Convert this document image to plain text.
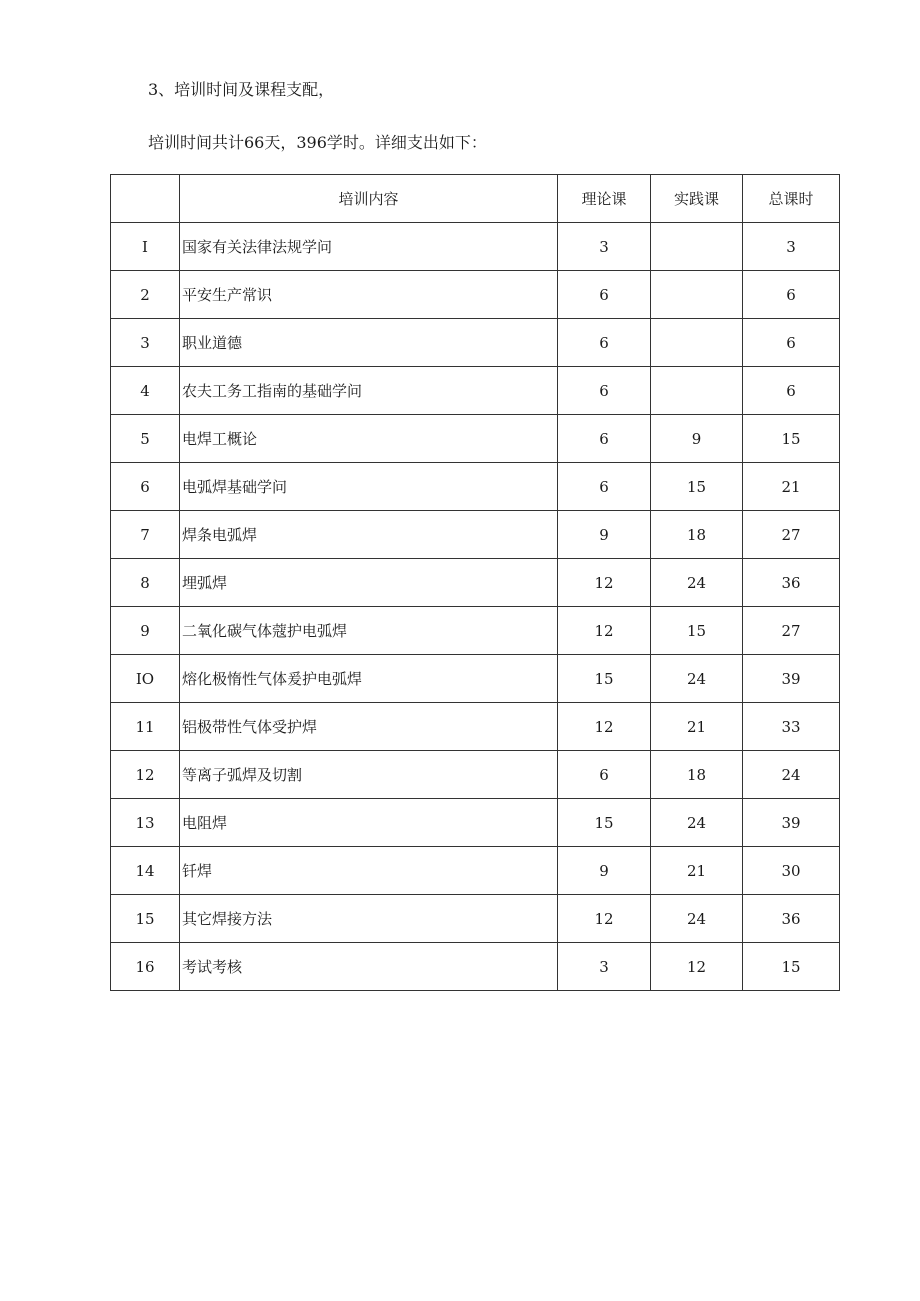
3、培训时间及课程支配，
培训时间共计66天，396学时。详细支出如下：
	培训内容	理论课	实践课	总课时
I	国家有关法律法规学问	3		3
2	平安生产常识	6		6
3	职业道德	6		6
4	农夫工务工指南的基础学问	6		6
5	电焊工概论	6	9	15
6	电弧焊基础学问	6	15	21
7	焊条电弧焊	9	18	27
8	埋弧焊	12	24	36
9	二氧化碳气体蔻护电弧焊	12	15	27
IO	熔化极惰性气体爰护电弧焊	15	24	39
11	铝极带性气体受护焊	12	21	33
12	等离子弧焊及切割	6	18	24
13	电阻焊	15	24	39
14	钎焊	9	21	30
15	其它焊接方法	12	24	36
16	考试考核	3	12	15
